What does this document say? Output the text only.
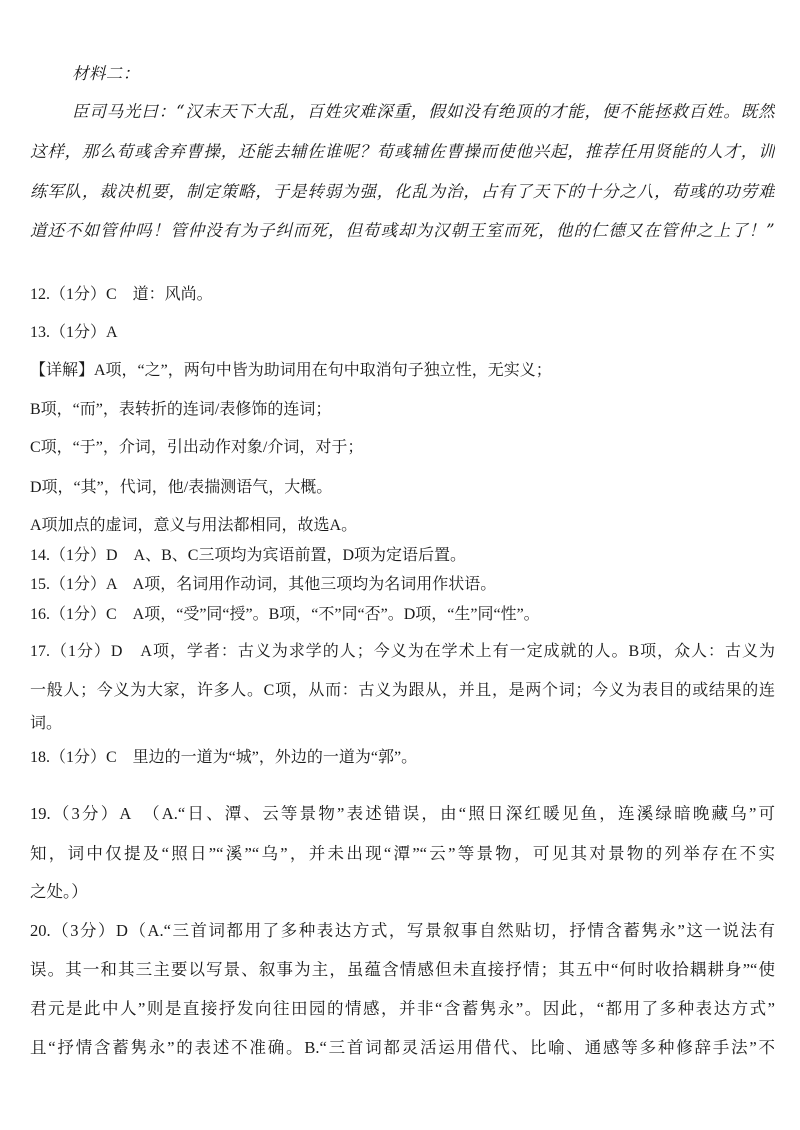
材料二：
臣司马光曰：“汉末天下大乱，百姓灾难深重，假如没有绝顶的才能，便不能拯救百姓。既然
这样，那么荀彧舍弃曹操，还能去辅佐谁呢？荀彧辅佐曹操而使他兴起，推荐任用贤能的人才，训
练军队，裁决机要，制定策略，于是转弱为强，化乱为治，占有了天下的十分之八，荀彧的功劳难
道还不如管仲吗！管仲没有为子纠而死，但荀彧却为汉朝王室而死，他的仁德又在管仲之上了！”
12.（1分）C　道：风尚。
13.（1分）A
【详解】A项，“之”，两句中皆为助词用在句中取消句子独立性，无实义；
B项，“而”，表转折的连词/表修饰的连词；
C项，“于”，介词，引出动作对象/介词，对于；
D项，“其”，代词，他/表揣测语气，大概。
A项加点的虚词，意义与用法都相同，故选A。
14.（1分）D　A、B、C三项均为宾语前置，D项为定语后置。
15.（1分）A　A项，名词用作动词，其他三项均为名词用作状语。
16.（1分）C　A项，“受”同“授”。B项，“不”同“否”。D项，“生”同“性”。
17.（1分）D　A项，学者：古义为求学的人；今义为在学术上有一定成就的人。B项，众人：古义为
一般人；今义为大家，许多人。C项，从而：古义为跟从，并且，是两个词；今义为表目的或结果的连
词。
18.（1分）C　里边的一道为“城”，外边的一道为“郭”。
19.（3分）A　（A.“日、潭、云等景物”表述错误，由“照日深红暖见鱼，连溪绿暗晚藏乌”可
知，词中仅提及“照日”“溪”“乌”，并未出现“潭”“云”等景物，可见其对景物的列举存在不实
之处。）
20.（3分）D（A.“三首词都用了多种表达方式，写景叙事自然贴切，抒情含蓄隽永”这一说法有
误。其一和其三主要以写景、叙事为主，虽蕴含情感但未直接抒情；其五中“何时收拾耦耕身”“使
君元是此中人”则是直接抒发向往田园的情感，并非“含蓄隽永”。因此，“都用了多种表达方式”
且“抒情含蓄隽永”的表述不准确。B.“三首词都灵活运用借代、比喻、通感等多种修辞手法”不
